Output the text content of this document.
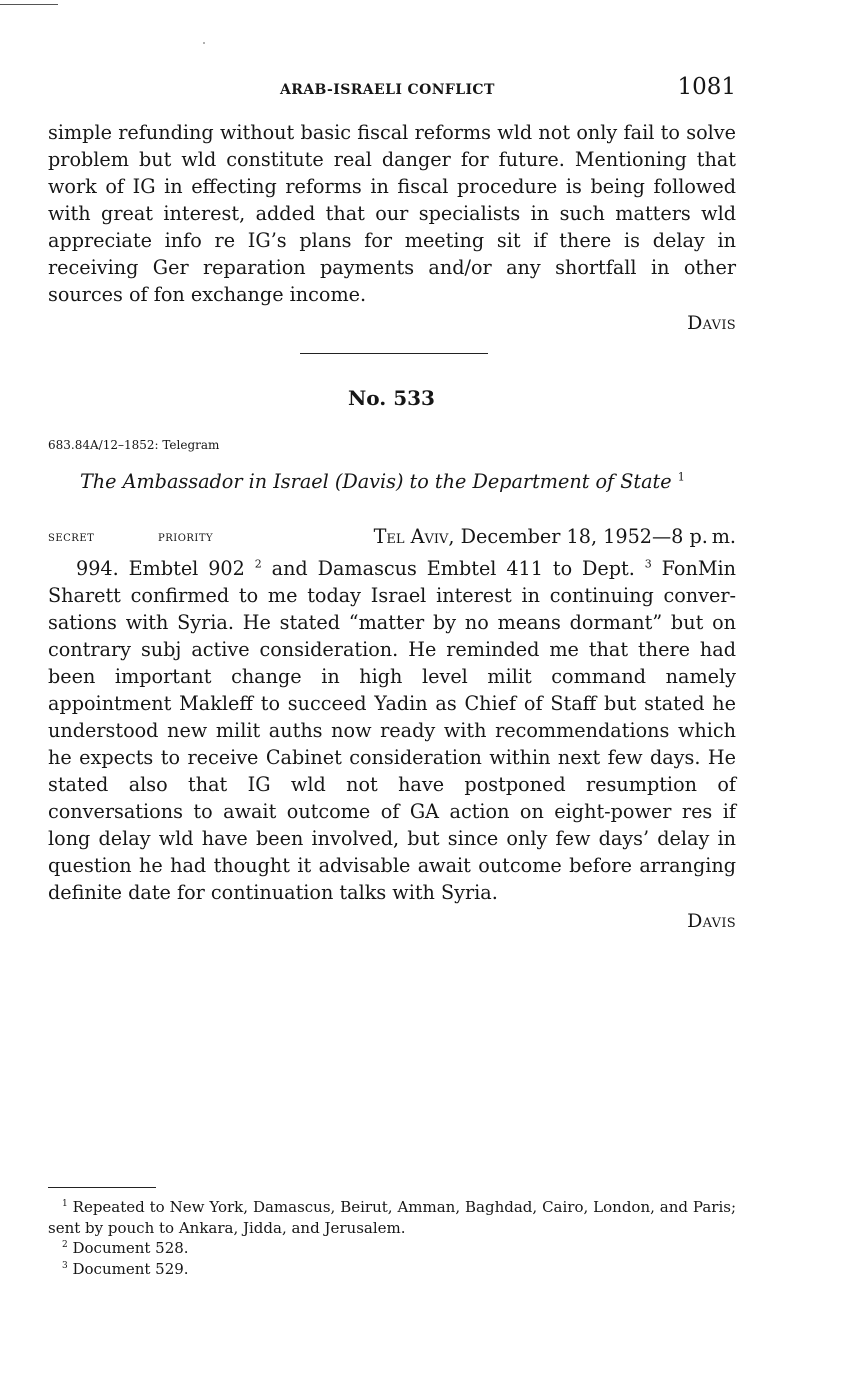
ARAB-ISRAELI CONFLICT	1081

simple refunding without basic fiscal reforms wld not only fail to solve problem but wld constitute real danger for future. Mentioning that work of IG in effecting reforms in fiscal procedure is being followed with great interest, added that our specialists in such matters wld appreciate info re IG’s plans for meeting sit if there is delay in receiving Ger reparation payments and/or any shortfall in other sources of fon exchange income.

Davis

No. 533
683.84A/12–1852: Telegram
The Ambassador in Israel (Davis) to the Department of State $^1$
secret	priority	Tel Aviv, December 18, 1952—8 p. m.

994. Embtel 902 $^2$ and Damascus Embtel 411 to Dept. $^3$ FonMin Sharett confirmed to me today Israel interest in continuing conversations with Syria. He stated “matter by no means dormant” but on contrary subj active consideration. He reminded me that there had been important change in high level milit command namely appointment Makleff to succeed Yadin as Chief of Staff but stated he understood new milit auths now ready with recommendations which he expects to receive Cabinet consideration within next few days. He stated also that IG wld not have postponed resumption of conversations to await outcome of GA action on eight-power res if long delay wld have been involved, but since only few days’ delay in question he had thought it advisable await outcome before arranging definite date for continuation talks with Syria.

Davis

$^1$ Repeated to New York, Damascus, Beirut, Amman, Baghdad, Cairo, London, and Paris; sent by pouch to Ankara, Jidda, and Jerusalem.

$^2$ Document 528.

$^3$ Document 529.
